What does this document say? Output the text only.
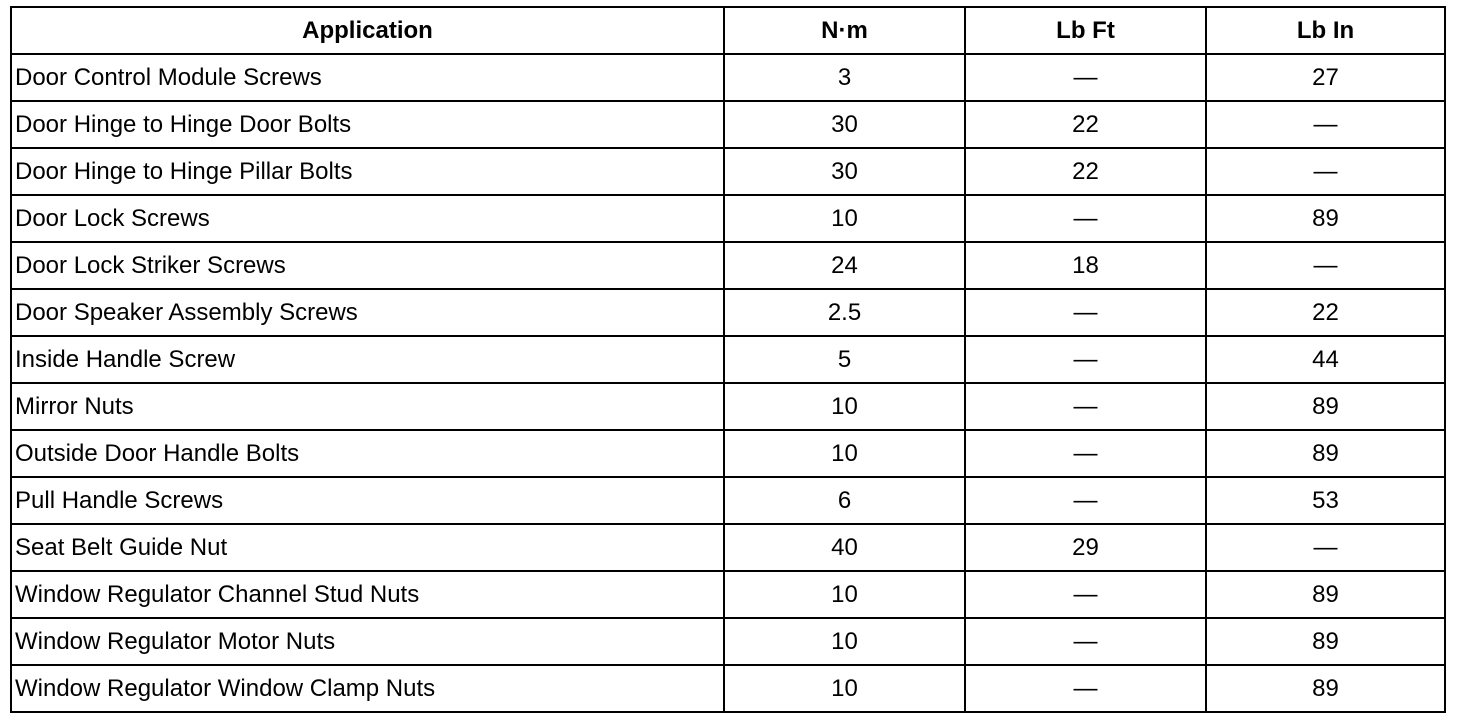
Application	N·m	Lb Ft	Lb In
Door Control Module Screws	3	—	27
Door Hinge to Hinge Door Bolts	30	22	—
Door Hinge to Hinge Pillar Bolts	30	22	—
Door Lock Screws	10	—	89
Door Lock Striker Screws	24	18	—
Door Speaker Assembly Screws	2.5	—	22
Inside Handle Screw	5	—	44
Mirror Nuts	10	—	89
Outside Door Handle Bolts	10	—	89
Pull Handle Screws	6	—	53
Seat Belt Guide Nut	40	29	—
Window Regulator Channel Stud Nuts	10	—	89
Window Regulator Motor Nuts	10	—	89
Window Regulator Window Clamp Nuts	10	—	89
